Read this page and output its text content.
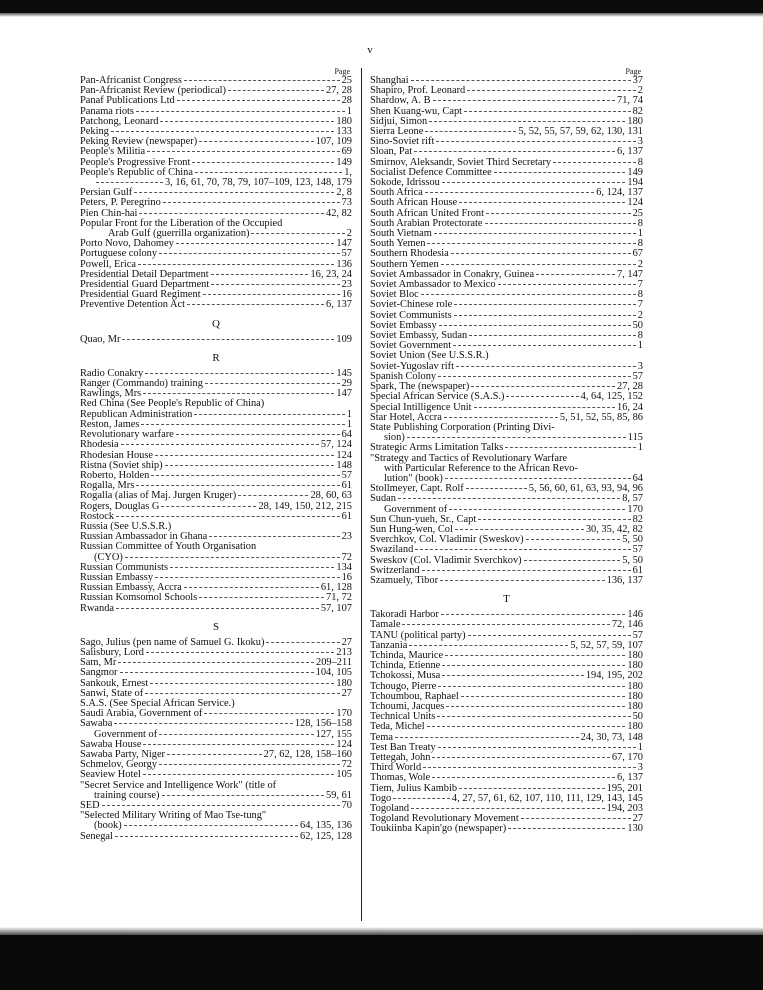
v
Page
Pan-Africanist Congress	25
Pan-Africanist Review (periodical)	27, 28
Panaf Publications Ltd	28
Panama riots	1
Patchong, Leonard	180
Peking	133
Peking Review (newspaper)	107, 109
People's Militia	69
People's Progressive Front	149
People's Republic of China	1,
3, 16, 61, 70, 78, 79, 107–109, 123, 148, 179
Persian Gulf	2, 8
Peters, P. Peregrino	73
Pien Chin-hai	42, 82
Popular Front for the Liberation of the Occupied
Arab Gulf (guerrilla organization)	2
Porto Novo, Dahomey	147
Portuguese colony	57
Powell, Erica	136
Presidential Detail Department	16, 23, 24
Presidential Guard Department	23
Presidential Guard Regiment	16
Preventive Detention Act	6, 137
Q
Quao, Mr	109
R
Radio Conakry	145
Ranger (Commando) training	29
Rawlings, Mrs	147
Red China (See People's Republic of China)
Republican Administration	1
Reston, James	1
Revolutionary warfare	64
Rhodesia	57, 124
Rhodesian House	124
Ristna (Soviet ship)	148
Roberto, Holden	57
Rogalla, Mrs	61
Rogalla (alias of Maj. Jurgen Kruger)	28, 60, 63
Rogers, Douglas G	28, 149, 150, 212, 215
Rostock	61
Russia (See U.S.S.R.)
Russian Ambassador in Ghana	23
Russian Committee of Youth Organisation
(CYO)	72
Russian Communists	134
Russian Embassy	16
Russian Embassy, Accra	61, 128
Russian Komsomol Schools	71, 72
Rwanda	57, 107
S
Sago, Julius (pen name of Samuel G. Ikoku)	27
Salisbury, Lord	213
Sam, Mr	209–211
Sangmor	104, 105
Sankouk, Ernest	180
Sanwi, State of	27
S.A.S. (See Special African Service.)
Saudi Arabia, Government of	170
Sawaba	128, 156–158
Government of	127, 155
Sawaba House	124
Sawaba Party, Niger	27, 62, 128, 158–160
Schmelov, Georgy	72
Seaview Hotel	105
"Secret Service and Intelligence Work" (title of
training course)	59, 61
SED	70
"Selected Military Writing of Mao Tse-tung"
(book)	64, 135, 136
Senegal	62, 125, 128
Page
Shanghai	37
Shapiro, Prof. Leonard	2
Shardow, A. B	71, 74
Shen Kuang-wu, Capt	82
Sidjui, Simon	180
Sierra Leone	5, 52, 55, 57, 59, 62, 130, 131
Sino-Soviet rift	3
Sloan, Pat	6, 137
Smirnov, Aleksandr, Soviet Third Secretary	8
Socialist Defence Committee	149
Sokode, Idrissou	194
South Africa	6, 124, 137
South African House	124
South African United Front	25
South Arabian Protectorate	8
South Vietnam	1
South Yemen	8
Southern Rhodesia	67
Southern Yemen	2
Soviet Ambassador in Conakry, Guinea	7, 147
Soviet Ambassador to Mexico	7
Soviet Bloc	8
Soviet-Chinese role	7
Soviet Communists	2
Soviet Embassy	50
Soviet Embassy, Sudan	8
Soviet Government	1
Soviet Union (See U.S.S.R.)
Soviet-Yugoslav rift	3
Spanish Colony	57
Spark, The (newspaper)	27, 28
Special African Service (S.A.S.)	4, 64, 125, 152
Special Intilligence Unit	16, 24
Star Hotel, Accra	5, 51, 52, 55, 85, 86
State Publishing Corporation (Printing Divi-
sion)	115
Strategic Arms Limitation Talks	1
"Strategy and Tactics of Revolutionary Warfare
with Particular Reference to the African Revo-
lution" (book)	64
Stollmeyer, Capt. Rolf	5, 56, 60, 61, 63, 93, 94, 96
Sudan	8, 57
Government of	170
Sun Chun-yueh, Sr., Capt	82
Sun Hung-wen, Col	30, 35, 42, 82
Sverchkov, Col. Vladimir (Sweskov)	5, 50
Swaziland	57
Sweskov (Col. Vladimir Sverchkov)	5, 50
Switzerland	61
Szamuely, Tibor	136, 137
T
Takoradi Harbor	146
Tamale	72, 146
TANU (political party)	57
Tanzania	5, 52, 57, 59, 107
Tchinda, Maurice	180
Tchinda, Etienne	180
Tchokossi, Musa	194, 195, 202
Tchougo, Pierre	180
Tchoumbou, Raphael	180
Tchoumi, Jacques	180
Technical Units	50
Teda, Michel	180
Tema	24, 30, 73, 148
Test Ban Treaty	1
Tettegah, John	67, 170
Third World	3
Thomas, Wole	6, 137
Tiem, Julius Kambib	195, 201
Togo	4, 27, 57, 61, 62, 107, 110, 111, 129, 143, 145
Togoland	194, 203
Togoland Revolutionary Movement	27
Toukiinba Kapin'go (newspaper)	130
